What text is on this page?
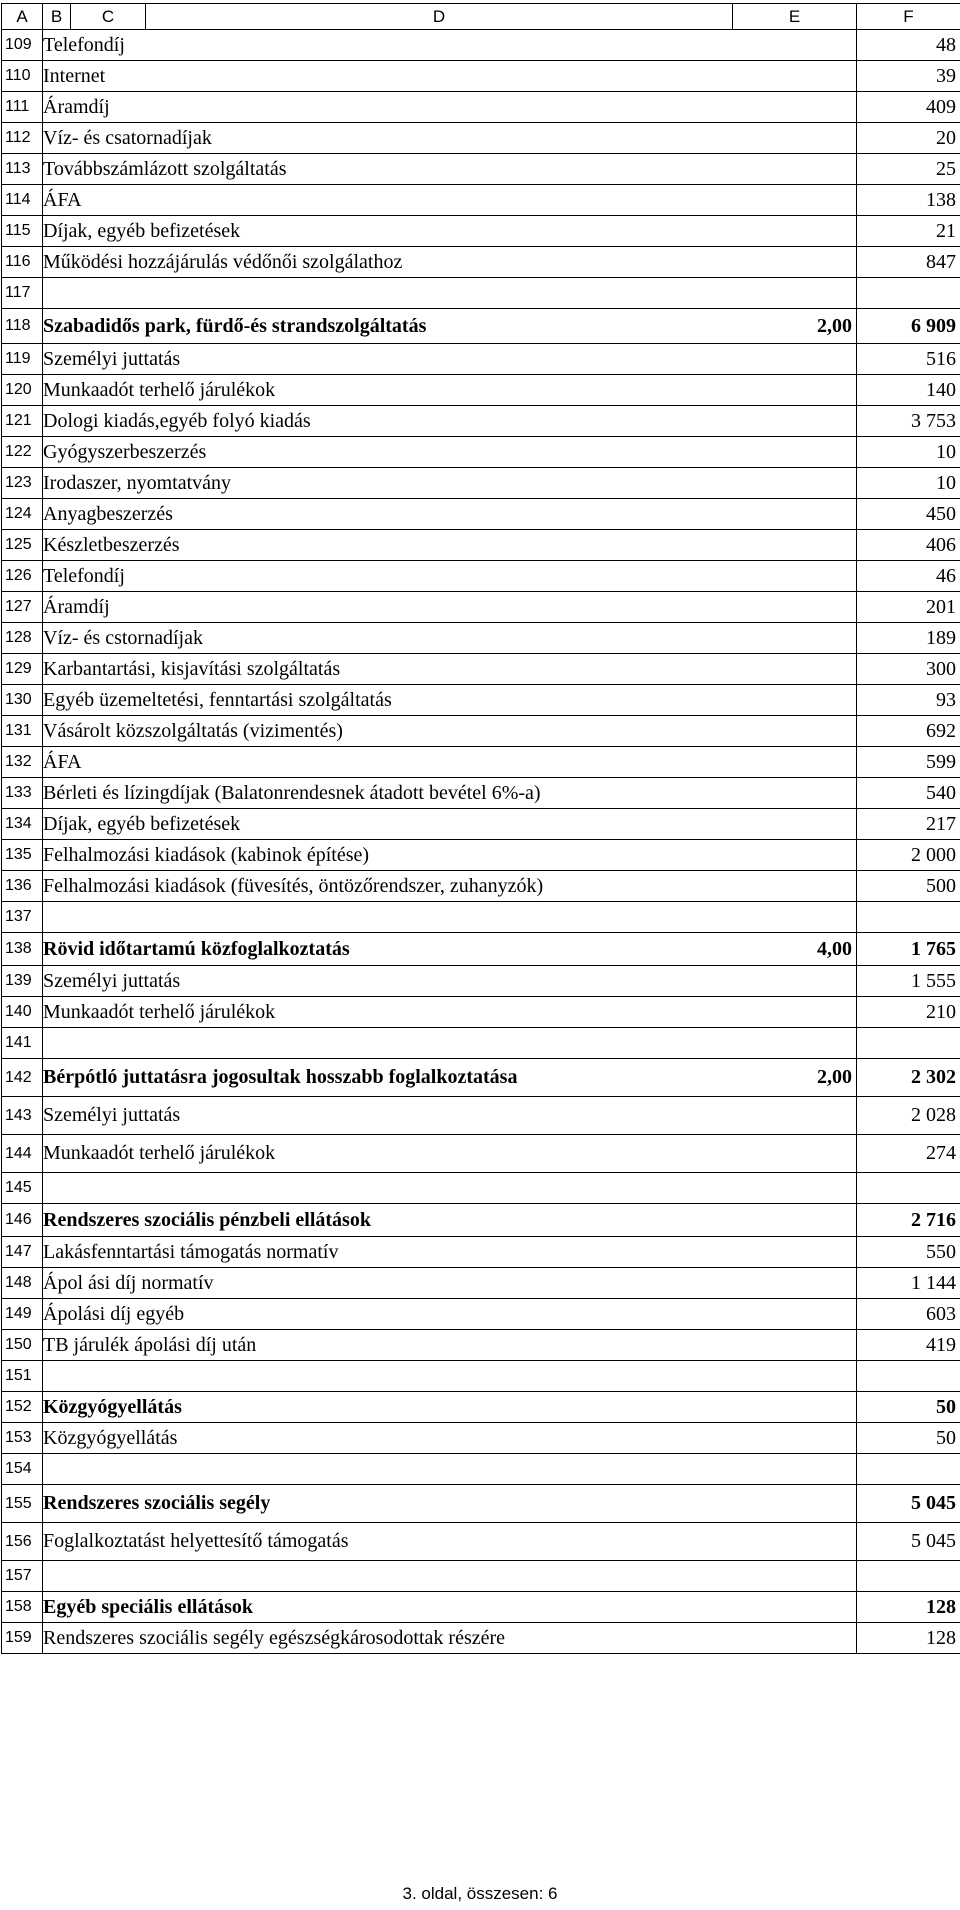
A	B	C	D	E	F
109	Telefondíj				48
110	Internet				39
111	Áramdíj				409
112	Víz- és csatornadíjak				20
113	Továbbszámlázott szolgáltatás				25
114	ÁFA				138
115	Díjak, egyéb befizetések				21
116	Működési hozzájárulás védőnői szolgálathoz				847
117					
118	Szabadidős park, fürdő-és strandszolgáltatás			2,00	6 909
119	Személyi juttatás				516
120	Munkaadót terhelő járulékok				140
121	Dologi kiadás,egyéb folyó kiadás				3 753
122	Gyógyszerbeszerzés				10
123	Irodaszer, nyomtatvány				10
124	Anyagbeszerzés				450
125	Készletbeszerzés				406
126	Telefondíj				46
127	Áramdíj				201
128	Víz- és cstornadíjak				189
129	Karbantartási, kisjavítási szolgáltatás				300
130	Egyéb üzemeltetési, fenntartási szolgáltatás				93
131	Vásárolt közszolgáltatás (vizimentés)				692
132	ÁFA				599
133	Bérleti és lízingdíjak (Balatonrendesnek átadott bevétel 6%-a)				540
134	Díjak, egyéb befizetések				217
135	Felhalmozási kiadások (kabinok építése)				2 000
136	Felhalmozási kiadások (füvesítés, öntözőrendszer, zuhanyzók)				500
137					
138	Rövid időtartamú közfoglalkoztatás			4,00	1 765
139	Személyi juttatás				1 555
140	Munkaadót terhelő járulékok				210
141					
142	Bérpótló juttatásra jogosultak hosszabb foglalkoztatása			2,00	2 302
143	Személyi juttatás				2 028
144	Munkaadót terhelő járulékok				274
145					
146	Rendszeres szociális pénzbeli ellátások				2 716
147	Lakásfenntartási támogatás normatív				550
148	Ápol ási díj normatív				1 144
149	Ápolási díj egyéb				603
150	TB járulék ápolási díj után				419
151					
152	Közgyógyellátás				50
153	Közgyógyellátás				50
154					
155	Rendszeres szociális segély				5 045
156	Foglalkoztatást helyettesítő támogatás				5 045
157					
158	Egyéb speciális ellátások				128
159	Rendszeres szociális segély egészségkárosodottak részére				128
3. oldal, összesen: 6
